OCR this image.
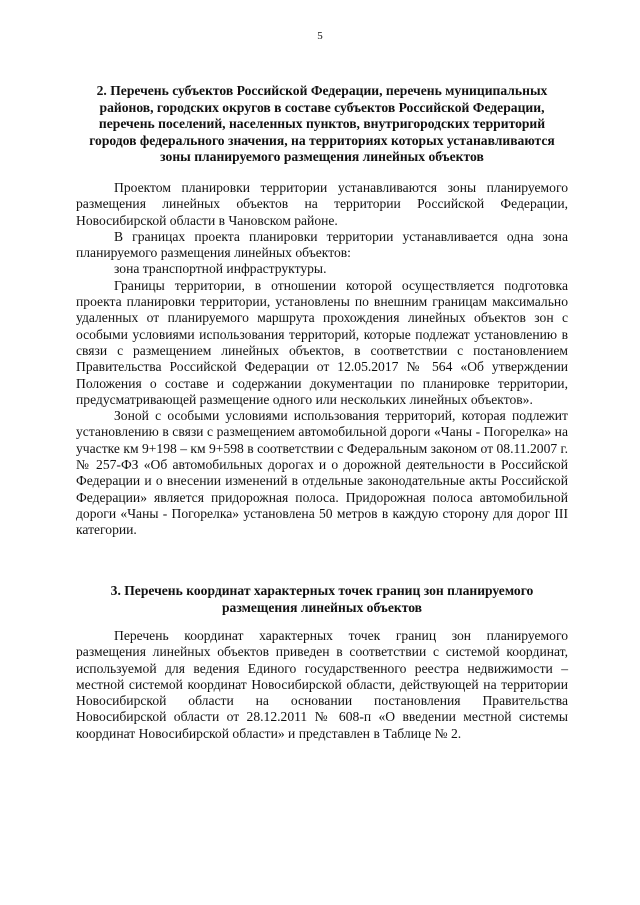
5

2. Перечень субъектов Российской Федерации, перечень муниципальных районов, городских округов в составе субъектов Российской Федерации, перечень поселений, населенных пунктов, внутригородских территорий городов федерального значения, на территориях которых устанавливаются зоны планируемого размещения линейных объектов

Проектом планировки территории устанавливаются зоны планируемого размещения линейных объектов на территории Российской Федерации, Новосибирской области в Чановском районе.

В границах проекта планировки территории устанавливается одна зона планируемого размещения линейных объектов:

зона транспортной инфраструктуры.

Границы территории, в отношении которой осуществляется подготовка проекта планировки территории, установлены по внешним границам максимально удаленных от планируемого маршрута прохождения линейных объектов зон с особыми условиями использования территорий, которые подлежат установлению в связи с размещением линейных объектов, в соответствии с постановлением Правительства Российской Федерации от 12.05.2017 № 564 «Об утверждении Положения о составе и содержании документации по планировке территории, предусматривающей размещение одного или нескольких линейных объектов».

Зоной с особыми условиями использования территорий, которая подлежит установлению в связи с размещением автомобильной дороги «Чаны - Погорелка» на участке км 9+198 – км 9+598 в соответствии с Федеральным законом от 08.11.2007 г. № 257-ФЗ «Об автомобильных дорогах и о дорожной деятельности в Российской Федерации и о внесении изменений в отдельные законодательные акты Российской Федерации» является придорожная полоса. Придорожная полоса автомобильной дороги «Чаны - Погорелка» установлена 50 метров в каждую сторону для дорог III категории.

3. Перечень координат характерных точек границ зон планируемого размещения линейных объектов

Перечень координат характерных точек границ зон планируемого размещения линейных объектов приведен в соответствии с системой координат, используемой для ведения Единого государственного реестра недвижимости – местной системой координат Новосибирской области, действующей на территории Новосибирской области на основании постановления Правительства Новосибирской области от 28.12.2011 № 608-п «О введении местной системы координат Новосибирской области» и представлен в Таблице № 2.
